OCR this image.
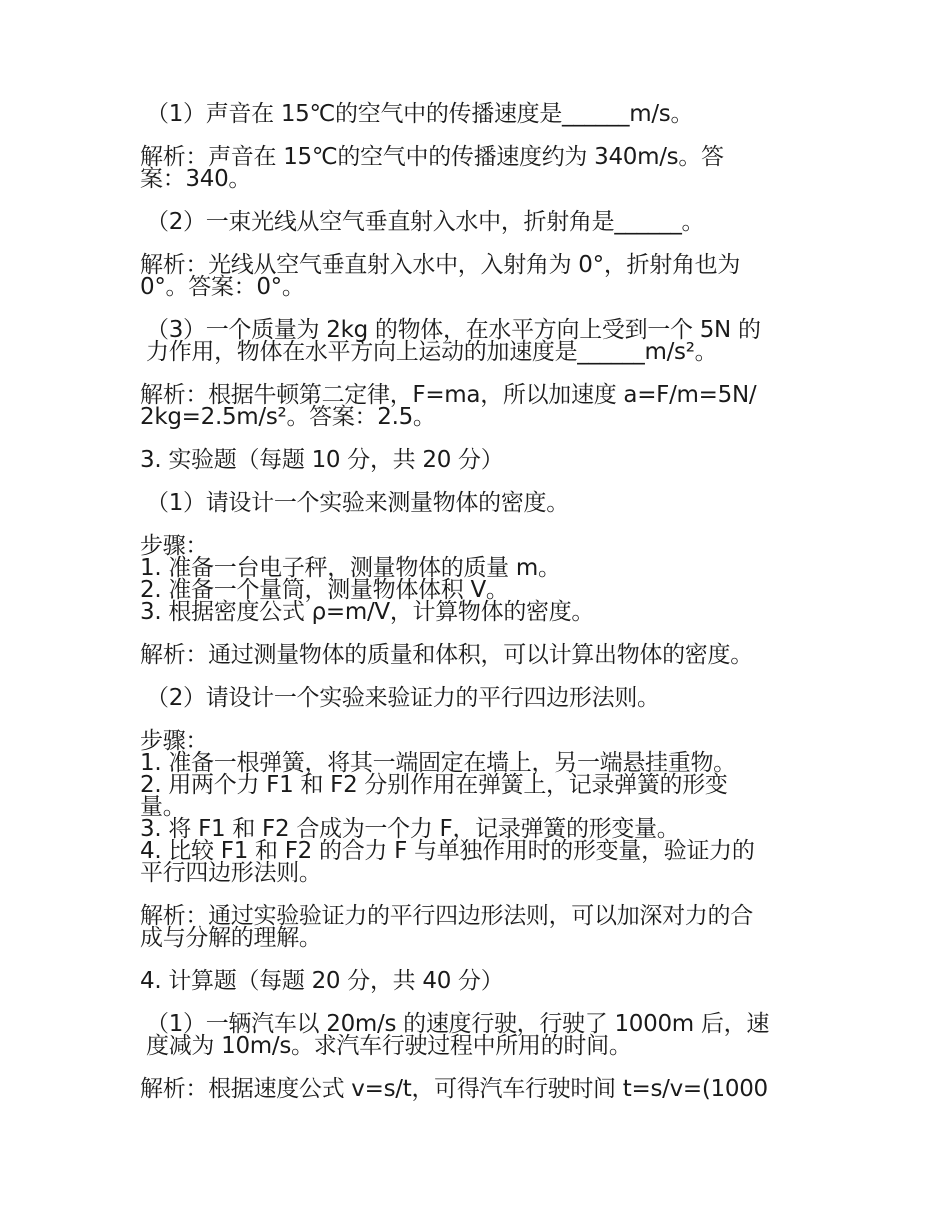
（1）声音在 15℃的空气中的传播速度是______m/s。

解析：声音在 15℃的空气中的传播速度约为 340m/s。答
案：340。

（2）一束光线从空气垂直射入水中，折射角是______。

解析：光线从空气垂直射入水中，入射角为 0°，折射角也为
0°。答案：0°。

（3）一个质量为 2kg 的物体，在水平方向上受到一个 5N 的
力作用，物体在水平方向上运动的加速度是______m/s²。

解析：根据牛顿第二定律，F=ma，所以加速度 a=F/m=5N/
2kg=2.5m/s²。答案：2.5。

3. 实验题（每题 10 分，共 20 分）

（1）请设计一个实验来测量物体的密度。

步骤：
1. 准备一台电子秤，测量物体的质量 m。
2. 准备一个量筒，测量物体体积 V。
3. 根据密度公式 ρ=m/V，计算物体的密度。

解析：通过测量物体的质量和体积，可以计算出物体的密度。

（2）请设计一个实验来验证力的平行四边形法则。

步骤：
1. 准备一根弹簧，将其一端固定在墙上，另一端悬挂重物。
2. 用两个力 F1 和 F2 分别作用在弹簧上，记录弹簧的形变
量。
3. 将 F1 和 F2 合成为一个力 F，记录弹簧的形变量。
4. 比较 F1 和 F2 的合力 F 与单独作用时的形变量，验证力的
平行四边形法则。

解析：通过实验验证力的平行四边形法则，可以加深对力的合
成与分解的理解。

4. 计算题（每题 20 分，共 40 分）

（1）一辆汽车以 20m/s 的速度行驶，行驶了 1000m 后，速
度减为 10m/s。求汽车行驶过程中所用的时间。

解析：根据速度公式 v=s/t，可得汽车行驶时间 t=s/v=(1000
